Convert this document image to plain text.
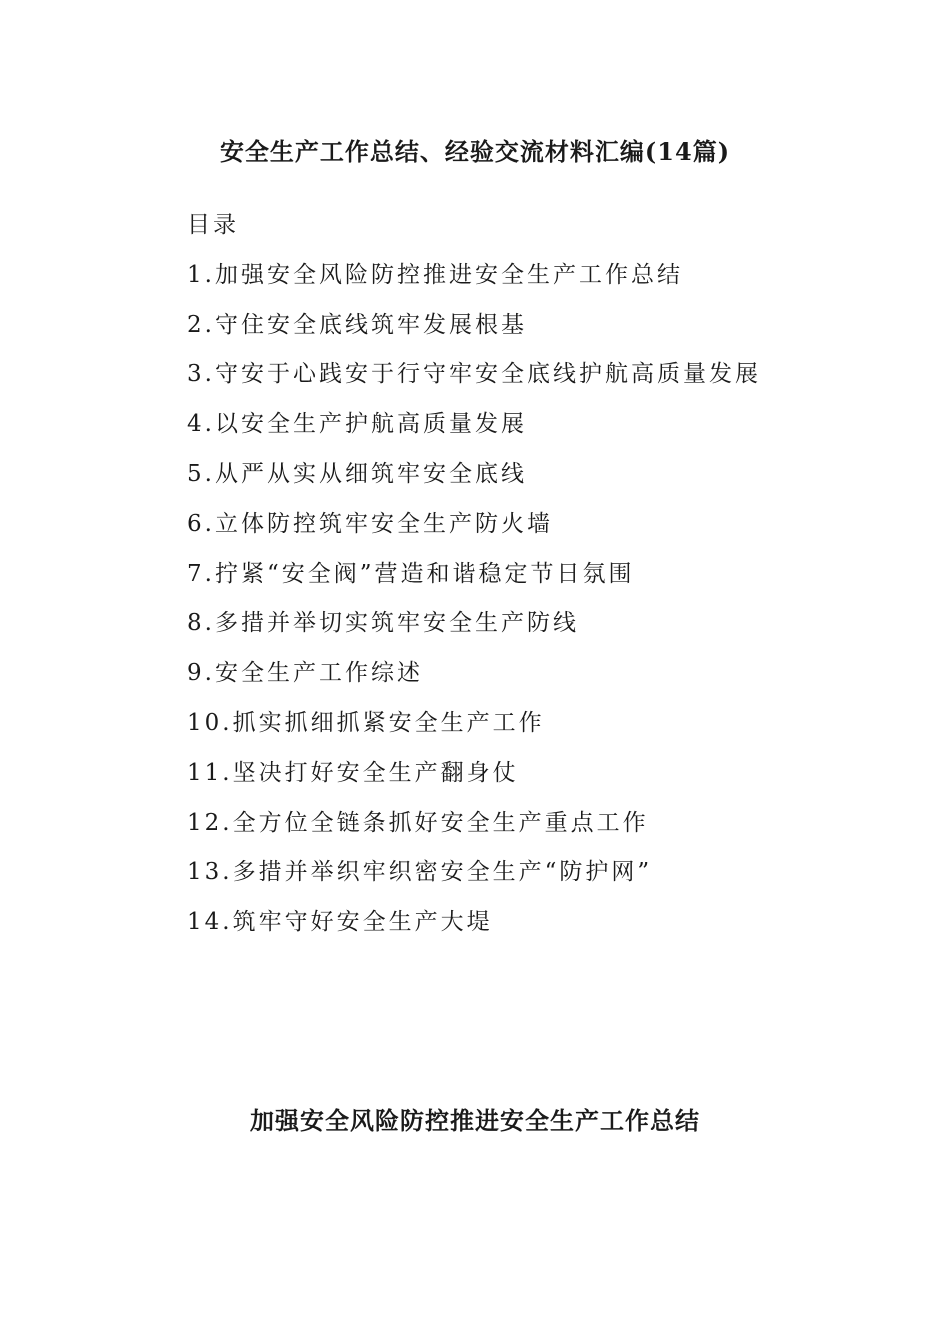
安全生产工作总结、经验交流材料汇编(14篇)
目录
1.加强安全风险防控推进安全生产工作总结
2.守住安全底线筑牢发展根基
3.守安于心践安于行守牢安全底线护航高质量发展
4.以安全生产护航高质量发展
5.从严从实从细筑牢安全底线
6.立体防控筑牢安全生产防火墙
7.拧紧“安全阀”营造和谐稳定节日氛围
8.多措并举切实筑牢安全生产防线
9.安全生产工作综述
10.抓实抓细抓紧安全生产工作
11.坚决打好安全生产翻身仗
12.全方位全链条抓好安全生产重点工作
13.多措并举织牢织密安全生产“防护网”
14.筑牢守好安全生产大堤
加强安全风险防控推进安全生产工作总结
